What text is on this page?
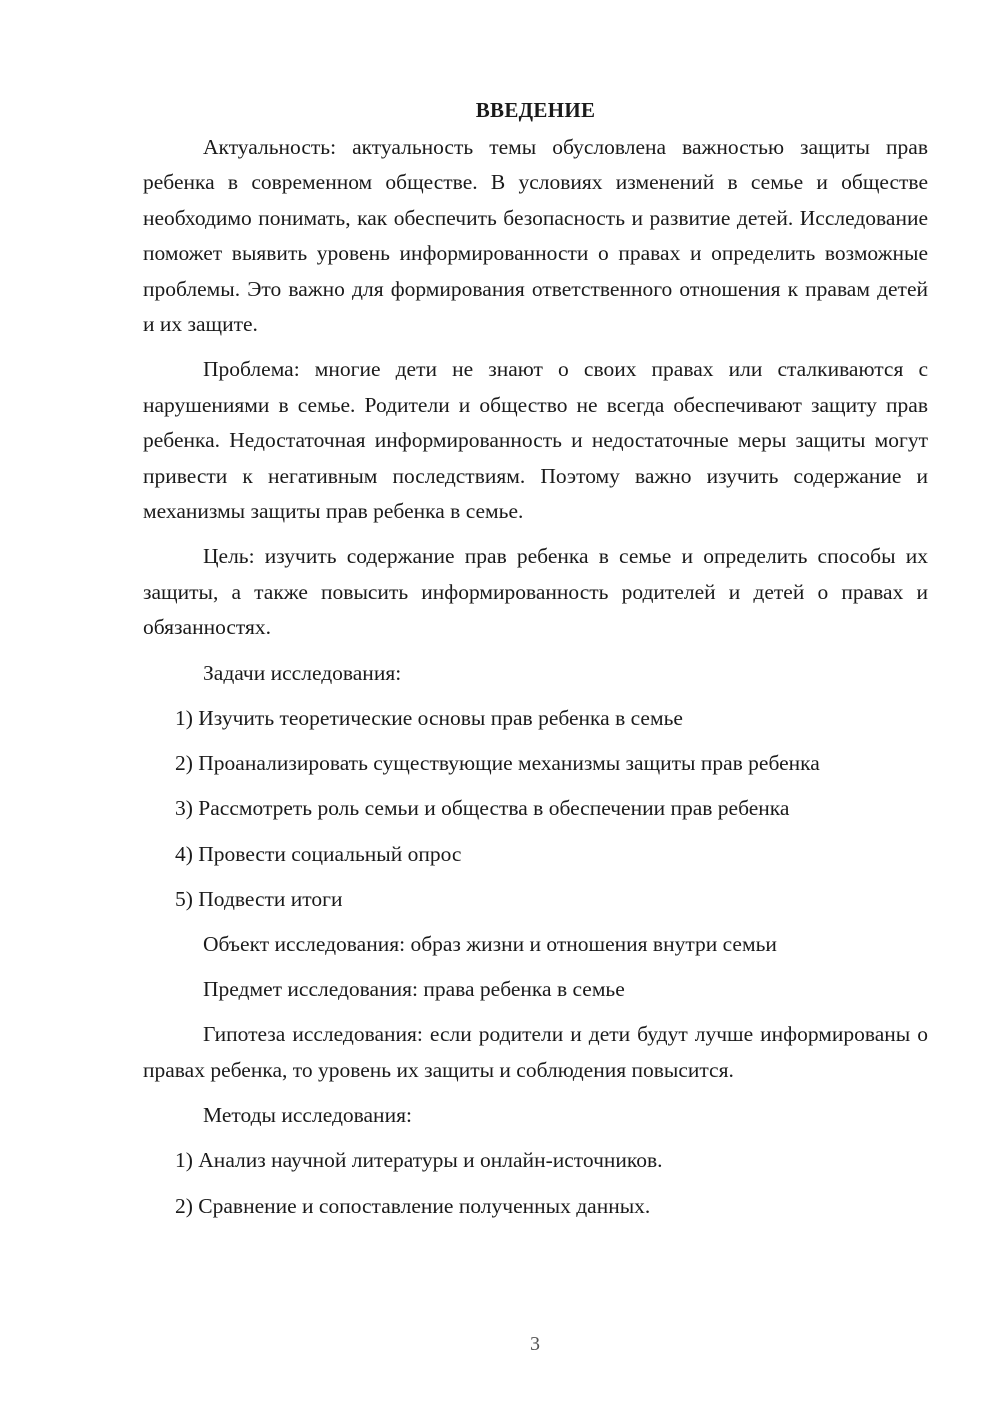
ВВЕДЕНИЕ

Актуальность: актуальность темы обусловлена важностью защиты прав ребенка в современном обществе. В условиях изменений в семье и обществе необходимо понимать, как обеспечить безопасность и развитие детей. Исследование поможет выявить уровень информированности о правах и определить возможные проблемы. Это важно для формирования ответственного отношения к правам детей и их защите.

Проблема: многие дети не знают о своих правах или сталкиваются с нарушениями в семье. Родители и общество не всегда обеспечивают защиту прав ребенка. Недостаточная информированность и недостаточные меры защиты могут привести к негативным последствиям. Поэтому важно изучить содержание и механизмы защиты прав ребенка в семье.

Цель: изучить содержание прав ребенка в семье и определить способы их защиты, а также повысить информированность родителей и детей о правах и обязанностях.

Задачи исследования:
1) Изучить теоретические основы прав ребенка в семье
2) Проанализировать существующие механизмы защиты прав ребенка
3) Рассмотреть роль семьи и общества в обеспечении прав ребенка
4) Провести социальный опрос
5) Подвести итоги
Объект исследования: образ жизни и отношения внутри семьи
Предмет исследования: права ребенка в семье

Гипотеза исследования: если родители и дети будут лучше информированы о правах ребенка, то уровень их защиты и соблюдения повысится.

Методы исследования:
1) Анализ научной литературы и онлайн-источников.
2) Сравнение и сопоставление полученных данных.
3
